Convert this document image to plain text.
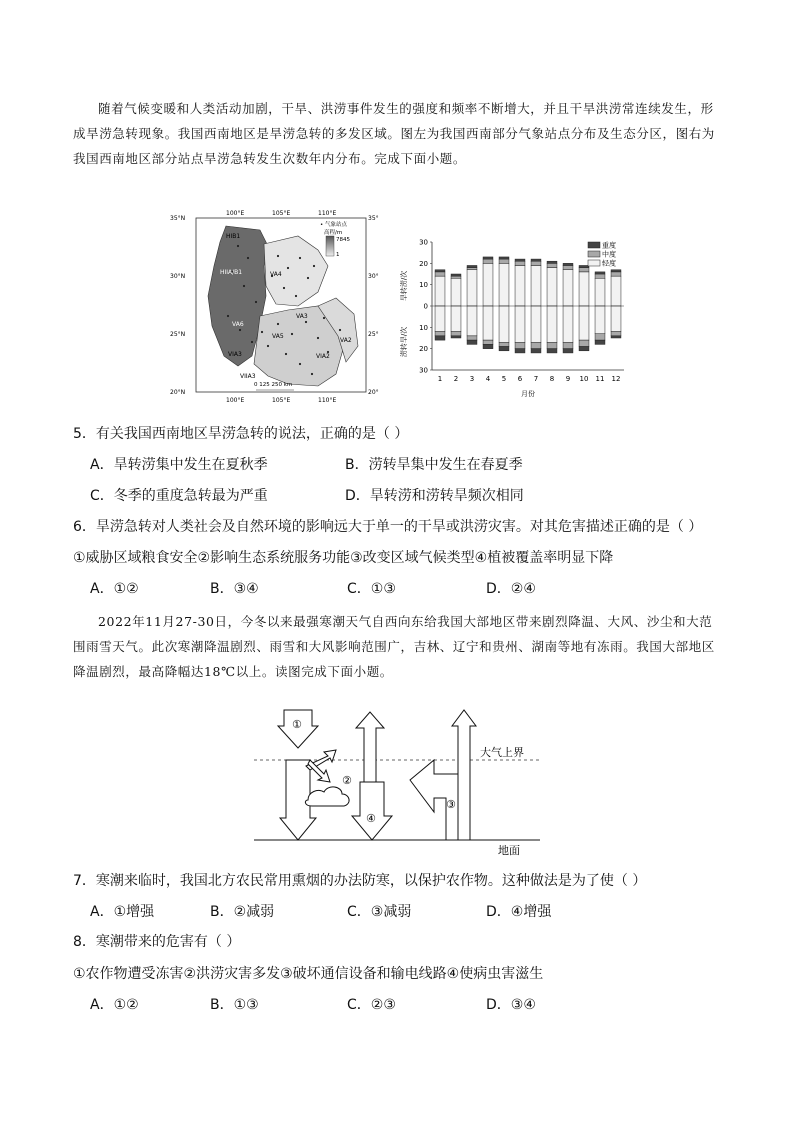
随着气候变暖和人类活动加剧，干旱、洪涝事件发生的强度和频率不断增大，并且干旱洪涝常连续发生，形成旱涝急转现象。我国西南地区是旱涝急转的多发区域。图左为我国西南部分气象站点分布及生态分区，图右为我国西南地区部分站点旱涝急转发生次数年内分布。完成下面小题。
100°E	105°E	110°E
100°E	105°E	110°E
35°N
30°N
25°N
20°N
35°
30°
25°
20°
• 气象站点
高程/m
7845
1
HIB1
HIIA/B1
VA6
VA4
VA3
VA5
VIA3
VIIA3
VA2
VIA2
0 125 250 km
30
20
10
0
10
20
30
1 2 3 4 5 6 7 8 9 10 11 12
旱转涝/次
涝转旱/次
月份
重度
中度
轻度
5．有关我国西南地区旱涝急转的说法，正确的是（ ）
A．旱转涝集中发生在夏秋季	B．涝转旱集中发生在春夏季
C．冬季的重度急转最为严重	D．旱转涝和涝转旱频次相同
6．旱涝急转对人类社会及自然环境的影响远大于单一的干旱或洪涝灾害。对其危害描述正确的是（ ）
①威胁区域粮食安全②影响生态系统服务功能③改变区域气候类型④植被覆盖率明显下降
A．①②	B．③④	C．①③	D．②④
2022年11月27-30日，今冬以来最强寒潮天气自西向东给我国大部地区带来剧烈降温、大风、沙尘和大范围雨雪天气。此次寒潮降温剧烈、雨雪和大风影响范围广，吉林、辽宁和贵州、湖南等地有冻雨。我国大部地区降温剧烈，最高降幅达18℃以上。读图完成下面小题。
大气上界
地面
①
②
④
③
7．寒潮来临时，我国北方农民常用熏烟的办法防寒，以保护农作物。这种做法是为了使（ ）
A．①增强	B．②减弱	C．③减弱	D．④增强
8．寒潮带来的危害有（ ）
①农作物遭受冻害②洪涝灾害多发③破坏通信设备和输电线路④使病虫害滋生
A．①②	B．①③	C．②③	D．③④
